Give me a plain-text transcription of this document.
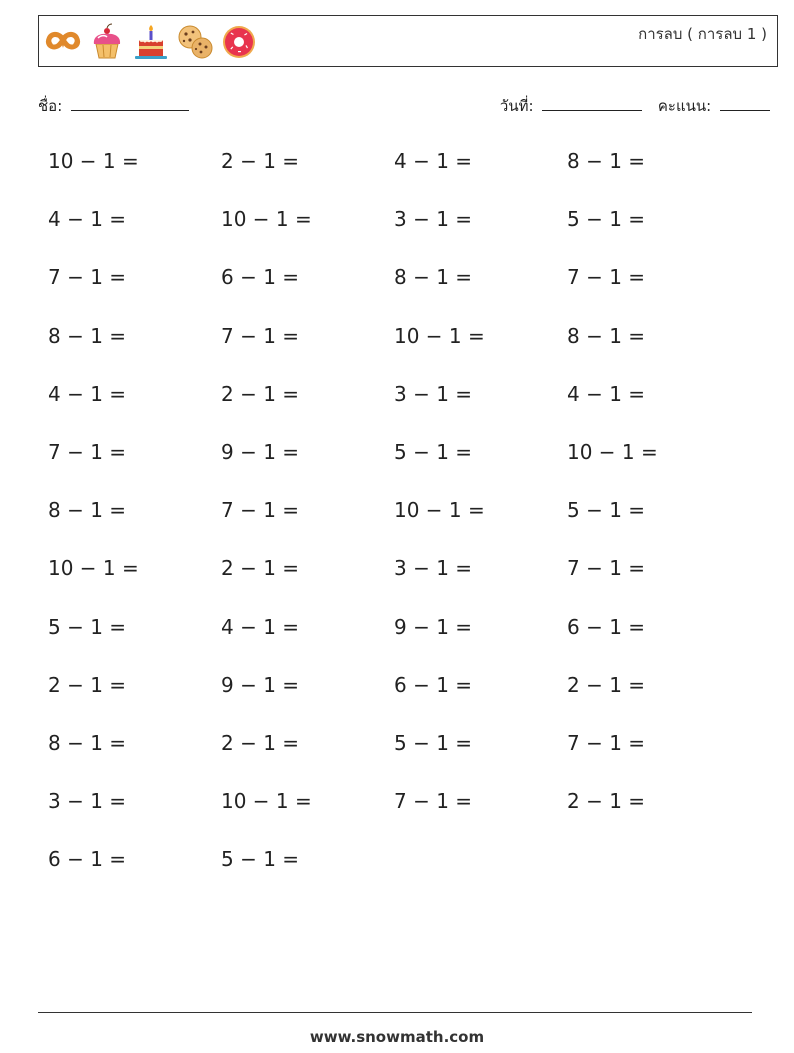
การลบ ( การลบ 1 )
ชื่อ:	วันที่:	คะแนน:
10 − 1 =	2 − 1 =	4 − 1 =	8 − 1 =
4 − 1 =	10 − 1 =	3 − 1 =	5 − 1 =
7 − 1 =	6 − 1 =	8 − 1 =	7 − 1 =
8 − 1 =	7 − 1 =	10 − 1 =	8 − 1 =
4 − 1 =	2 − 1 =	3 − 1 =	4 − 1 =
7 − 1 =	9 − 1 =	5 − 1 =	10 − 1 =
8 − 1 =	7 − 1 =	10 − 1 =	5 − 1 =
10 − 1 =	2 − 1 =	3 − 1 =	7 − 1 =
5 − 1 =	4 − 1 =	9 − 1 =	6 − 1 =
2 − 1 =	9 − 1 =	6 − 1 =	2 − 1 =
8 − 1 =	2 − 1 =	5 − 1 =	7 − 1 =
3 − 1 =	10 − 1 =	7 − 1 =	2 − 1 =
6 − 1 =	5 − 1 =
www.snowmath.com
